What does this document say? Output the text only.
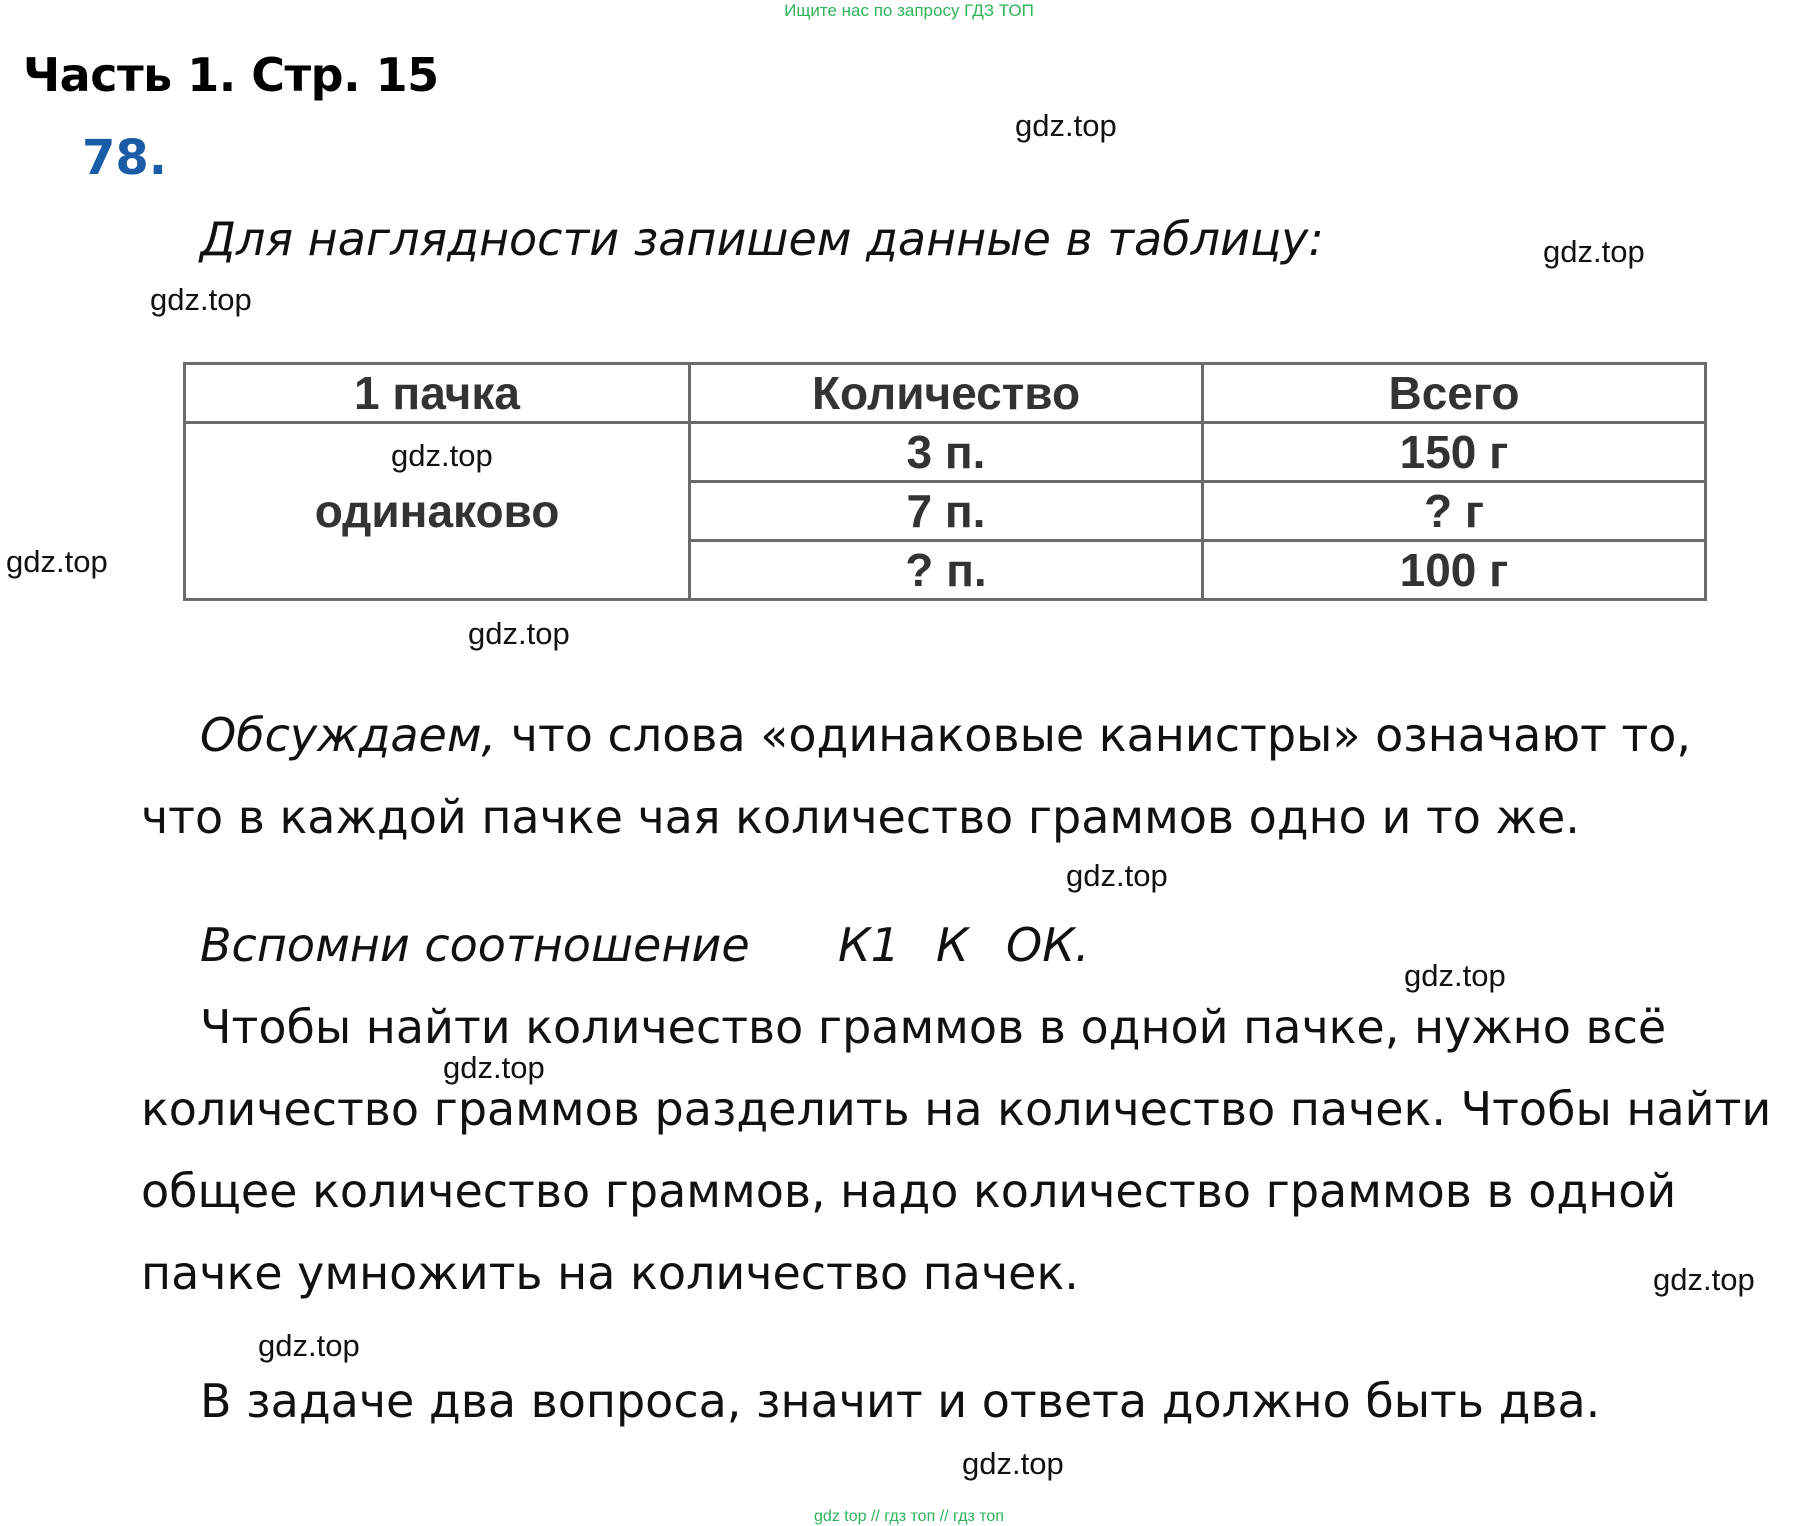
Ищите нас по запросу ГДЗ ТОП
Часть 1. Стр. 15
78.
gdz.top
Для наглядности запишем данные в таблицу:	gdz.top
gdz.top
1 пачка	Количество	Всего
одинаково	3 п.	150 г
	7 п.	? г
	? п.	100 г
gdz.top
gdz.top
gdz.top
Обсуждаем, что слова «одинаковые канистры» означают то,
что в каждой пачке чая количество граммов одно и то же.
gdz.top
Вспомни соотношение К1 К ОК.
gdz.top
Чтобы найти количество граммов в одной пачке, нужно всё
gdz.top
количество граммов разделить на количество пачек. Чтобы найти
общее количество граммов, надо количество граммов в одной
пачке умножить на количество пачек.	gdz.top
gdz.top
В задаче два вопроса, значит и ответа должно быть два.
gdz.top
gdz top // гдз топ // гдз топ
